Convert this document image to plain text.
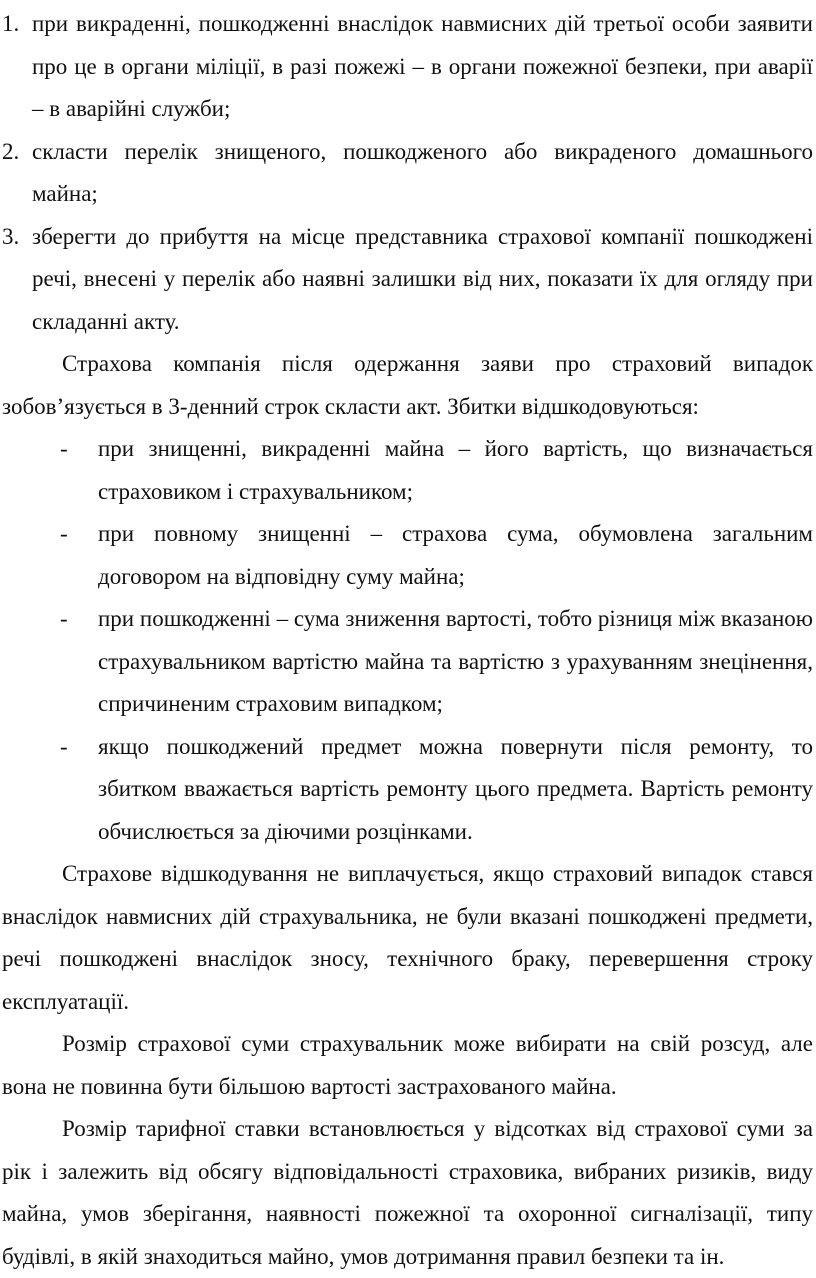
1. при викраденні, пошкодженні внаслідок навмисних дій третьої особи заявити про це в органи міліції, в разі пожежі – в органи пожежної безпеки, при аварії – в аварійні служби;
2. скласти перелік знищеного, пошкодженого або викраденого домашнього майна;
3. зберегти до прибуття на місце представника страхової компанії пошкоджені речі, внесені у перелік або наявні залишки від них, показати їх для огляду при складанні акту.
Страхова компанія після одержання заяви про страховий випадок зобов’язується в 3-денний строк скласти акт. Збитки відшкодовуються:
- при знищенні, викраденні майна – його вартість, що визначається страховиком і страхувальником;
- при повному знищенні – страхова сума, обумовлена загальним договором на відповідну суму майна;
- при пошкодженні – сума зниження вартості, тобто різниця між вказаною страхувальником вартістю майна та вартістю з урахуванням знецінення, спричиненим страховим випадком;
- якщо пошкоджений предмет можна повернути після ремонту, то збитком вважається вартість ремонту цього предмета. Вартість ремонту обчислюється за діючими розцінками.
Страхове відшкодування не виплачується, якщо страховий випадок стався внаслідок навмисних дій страхувальника, не були вказані пошкоджені предмети, речі пошкоджені внаслідок зносу, технічного браку, перевершення строку експлуатації.
Розмір страхової суми страхувальник може вибирати на свій розсуд, але вона не повинна бути більшою вартості застрахованого майна.
Розмір тарифної ставки встановлюється у відсотках від страхової суми за рік і залежить від обсягу відповідальності страховика, вибраних ризиків, виду майна, умов зберігання, наявності пожежної та охоронної сигналізації, типу будівлі, в якій знаходиться майно, умов дотримання правил безпеки та ін.
